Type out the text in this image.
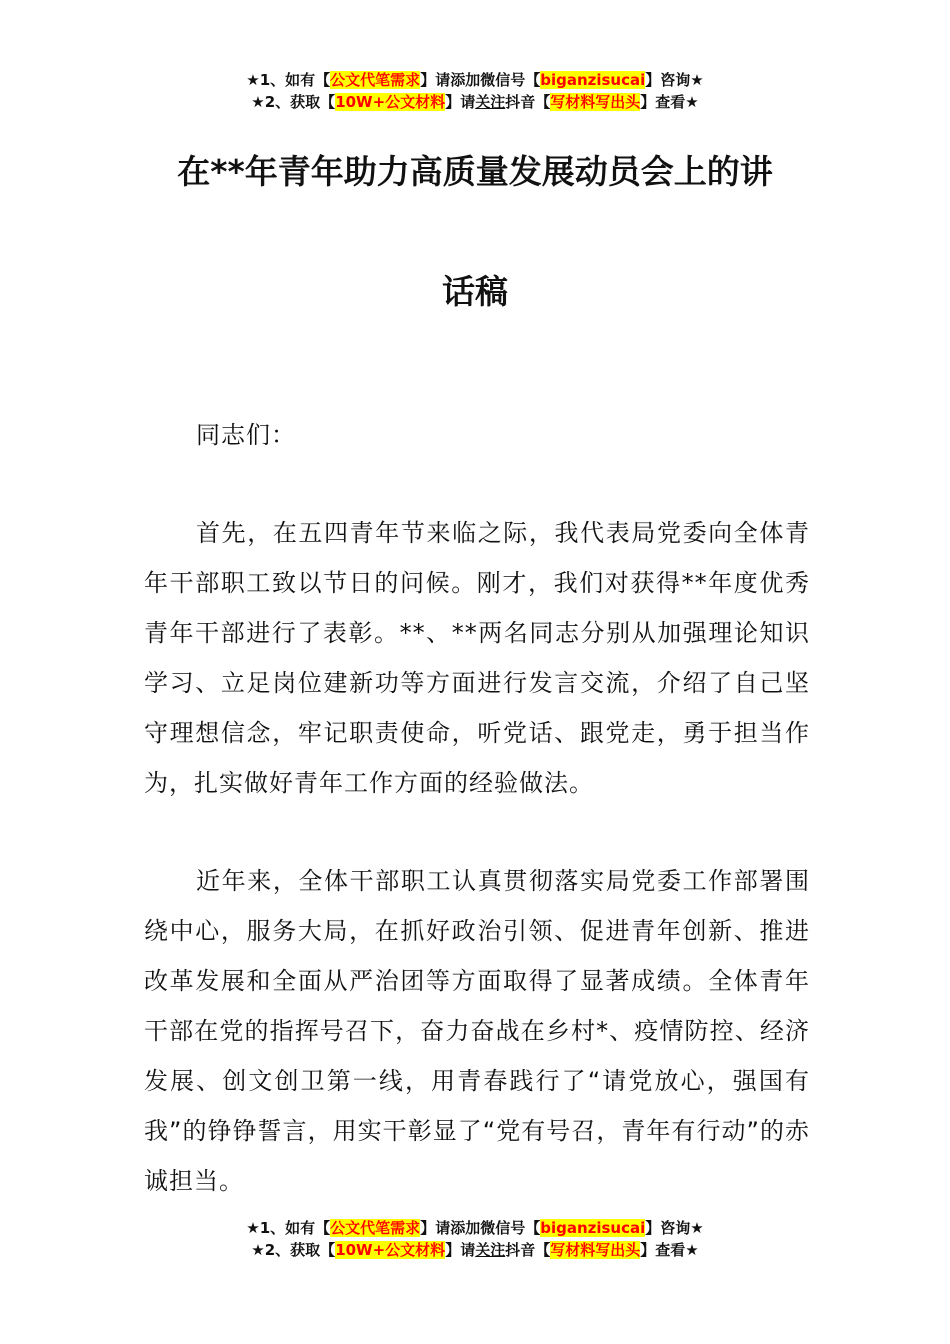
★1、如有【公文代笔需求】请添加微信号【biganzisucai】咨询★
★2、获取【10W+公文材料】请关注抖音【写材料写出头】查看★
在**年青年助力高质量发展动员会上的讲
话稿
同志们：
首先，在五四青年节来临之际，我代表局党委向全体青年干部职工致以节日的问候。刚才，我们对获得**年度优秀青年干部进行了表彰。**、**两名同志分别从加强理论知识学习、立足岗位建新功等方面进行发言交流，介绍了自己坚守理想信念，牢记职责使命，听党话、跟党走，勇于担当作为，扎实做好青年工作方面的经验做法。
近年来，全体干部职工认真贯彻落实局党委工作部署围绕中心，服务大局，在抓好政治引领、促进青年创新、推进改革发展和全面从严治团等方面取得了显著成绩。全体青年干部在党的指挥号召下，奋力奋战在乡村*、疫情防控、经济发展、创文创卫第一线，用青春践行了“请党放心，强国有我”的铮铮誓言，用实干彰显了“党有号召，青年有行动”的赤诚担当。
★1、如有【公文代笔需求】请添加微信号【biganzisucai】咨询★
★2、获取【10W+公文材料】请关注抖音【写材料写出头】查看★
